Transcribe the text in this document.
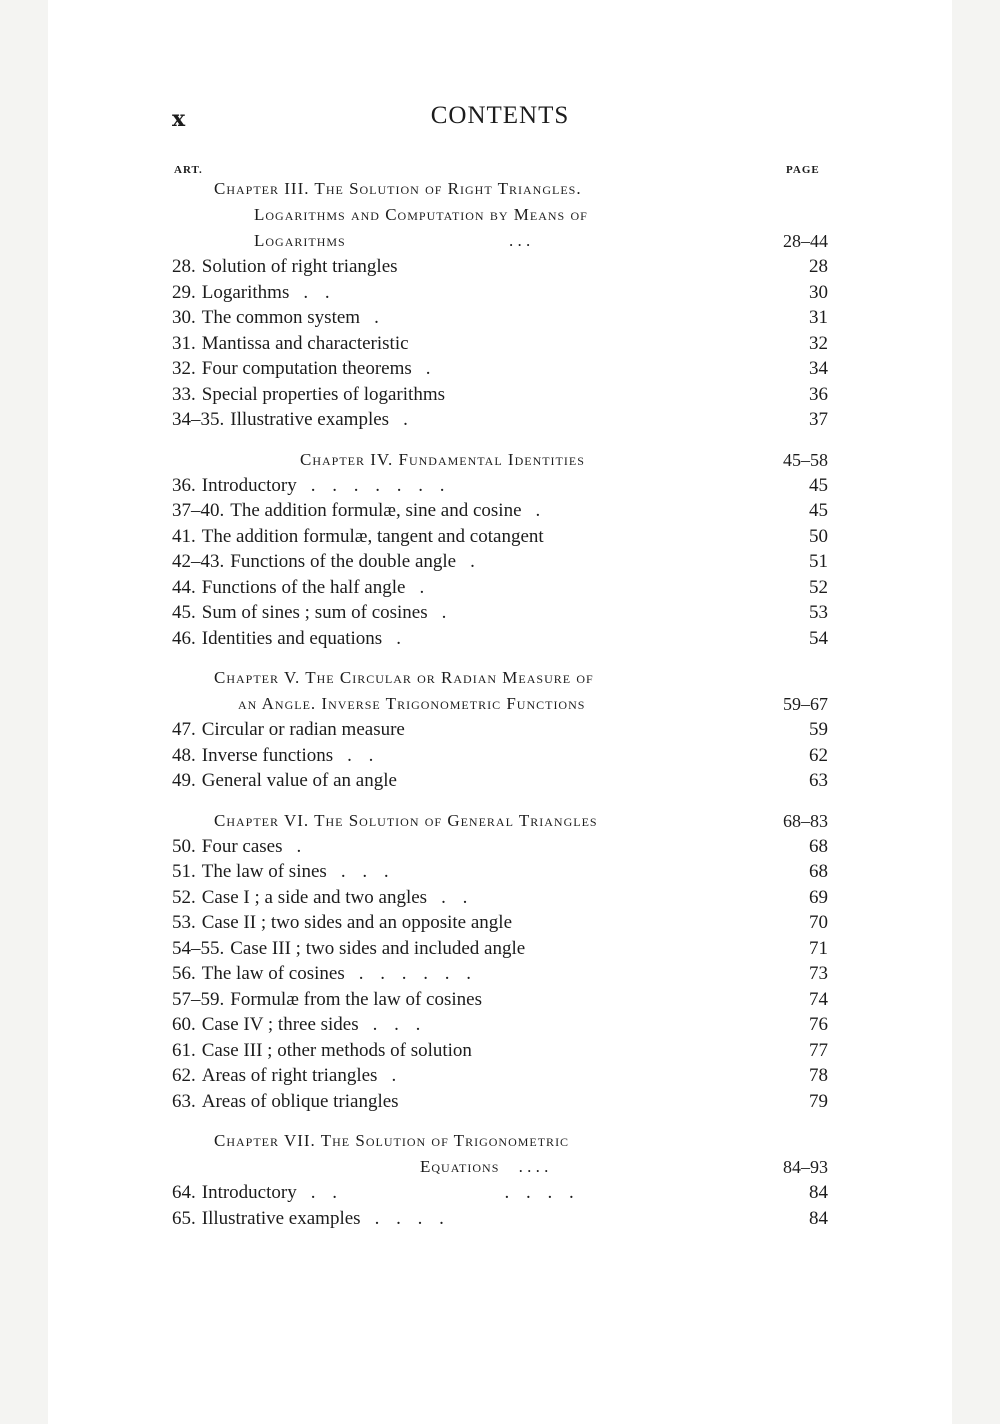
x	CONTENTS
ART.	PAGE
Chapter III. The Solution of Right Triangles.
Logarithms and Computation by Means of
Logarithms	. . .	28–44
28. Solution of right triangles	28
29. Logarithms . .	30
30. The common system .	31
31. Mantissa and characteristic	32
32. Four computation theorems .	34
33. Special properties of logarithms	36
34–35. Illustrative examples .	37
Chapter IV. Fundamental Identities	45–58
36. Introductory . . . . . . .	45
37–40. The addition formulæ, sine and cosine .	45
41. The addition formulæ, tangent and cotangent	50
42–43. Functions of the double angle .	51
44. Functions of the half angle .	52
45. Sum of sines ; sum of cosines .	53
46. Identities and equations .	54
Chapter V. The Circular or Radian Measure of
an Angle. Inverse Trigonometric Functions	59–67
47. Circular or radian measure	59
48. Inverse functions . .	62
49. General value of an angle	63
Chapter VI. The Solution of General Triangles	68–83
50. Four cases .	68
51. The law of sines . . .	68
52. Case I ; a side and two angles . .	69
53. Case II ; two sides and an opposite angle	70
54–55. Case III ; two sides and included angle	71
56. The law of cosines . . . . . .	73
57–59. Formulæ from the law of cosines	74
60. Case IV ; three sides . . .	76
61. Case III ; other methods of solution	77
62. Areas of right triangles .	78
63. Areas of oblique triangles	79
Chapter VII. The Solution of Trigonometric
Equations . . . .	84–93
64. Introductory . .          . . . .	84
65. Illustrative examples . . . .	84
